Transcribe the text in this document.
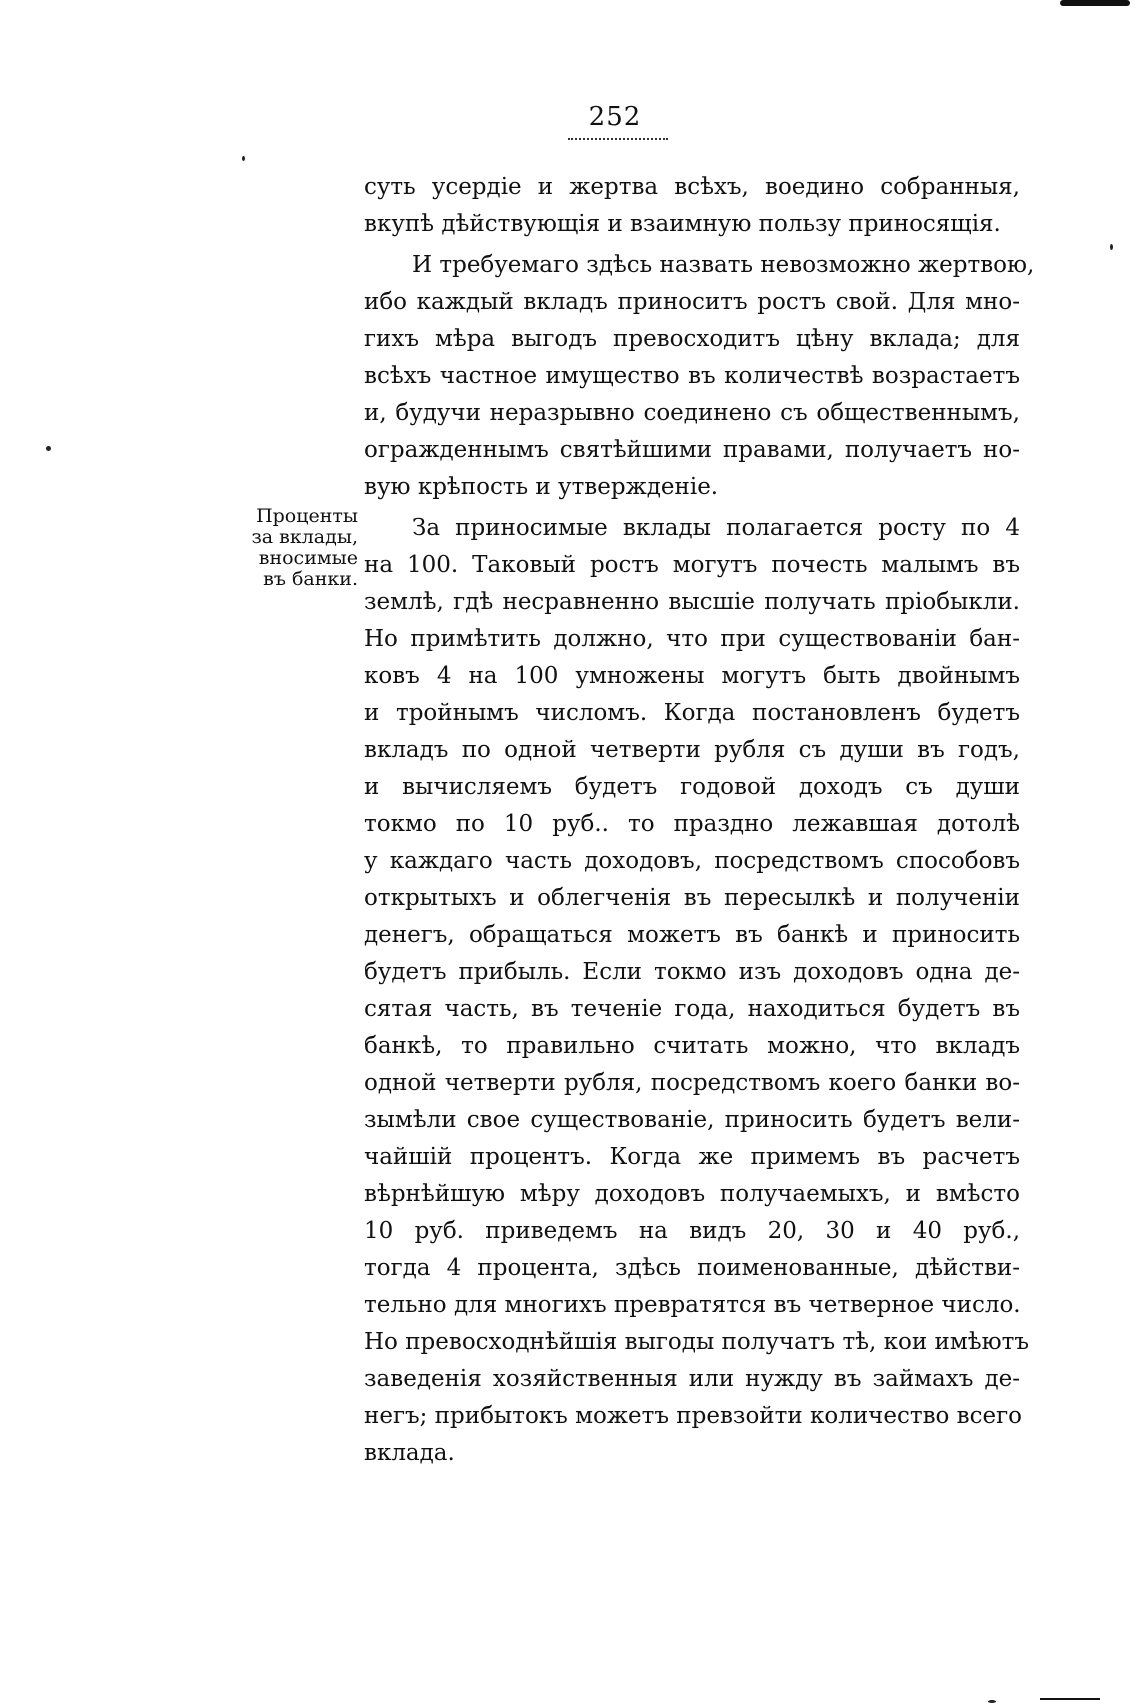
252
Проценты
за вклады,
вносимые
въ банки.
суть усердіе и жертва всѣхъ, воедино собранныя,
вкупѣ дѣйствующія и взаимную пользу приносящія.
И требуемаго здѣсь назвать невозможно жертвою,
ибо каждый вкладъ приноситъ ростъ свой. Для мно-
гихъ мѣра выгодъ превосходитъ цѣну вклада; для
всѣхъ частное имущество въ количествѣ возрастаетъ
и, будучи неразрывно соединено съ общественнымъ,
огражденнымъ святѣйшими правами, получаетъ но-
вую крѣпость и утвержденіе.
За приносимые вклады полагается росту по 4
на 100. Таковый ростъ могутъ почесть малымъ въ
землѣ, гдѣ несравненно высшіе получать пріобыкли.
Но примѣтить должно, что при существованіи бан-
ковъ 4 на 100 умножены могутъ быть двойнымъ
и тройнымъ числомъ. Когда постановленъ будетъ
вкладъ по одной четверти рубля съ души въ годъ,
и вычисляемъ будетъ годовой доходъ съ души
токмо по 10 руб.. то праздно лежавшая дотолѣ
у каждаго часть доходовъ, посредствомъ способовъ
открытыхъ и облегченія въ пересылкѣ и полученіи
денегъ, обращаться можетъ въ банкѣ и приносить
будетъ прибыль. Если токмо изъ доходовъ одна де-
сятая часть, въ теченіе года, находиться будетъ въ
банкѣ, то правильно считать можно, что вкладъ
одной четверти рубля, посредствомъ коего банки во-
зымѣли свое существованіе, приносить будетъ вели-
чайшій процентъ. Когда же примемъ въ расчетъ
вѣрнѣйшую мѣру доходовъ получаемыхъ, и вмѣсто
10 руб. приведемъ на видъ 20, 30 и 40 руб.,
тогда 4 процента, здѣсь поименованные, дѣйстви-
тельно для многихъ превратятся въ четверное число.
Но превосходнѣйшія выгоды получатъ тѣ, кои имѣютъ
заведенія хозяйственныя или нужду въ займахъ де-
негъ; прибытокъ можетъ превзойти количество всего
вклада.
